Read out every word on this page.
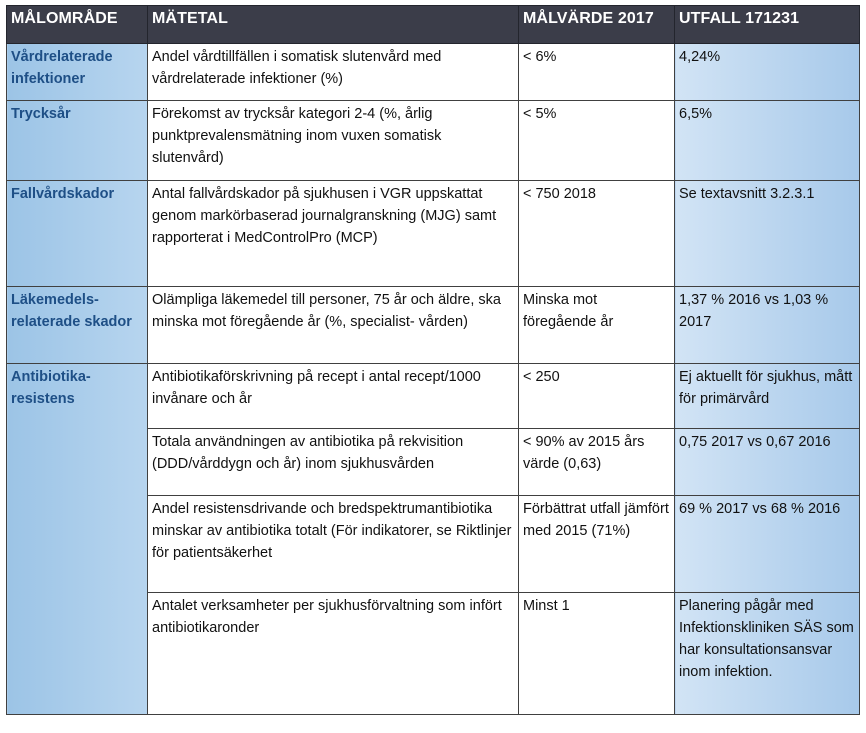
MÅLOMRÅDE	MÄTETAL	MÅLVÄRDE 2017	UTFALL 171231
Vårdrelaterade infektioner	Andel vårdtillfällen i somatisk slutenvård med vårdrelaterade infektioner (%)	< 6%	4,24%
Trycksår	Förekomst av trycksår kategori 2-4 (%, årlig punktprevalensmätning inom vuxen somatisk slutenvård)	< 5%	6,5%
Fallvårdskador	Antal fallvårdskador på sjukhusen i VGR uppskattat genom markörbaserad journalgranskning (MJG) samt rapporterat i MedControlPro (MCP)	< 750 2018	Se textavsnitt 3.2.3.1
Läkemedels-relaterade skador	Olämpliga läkemedel till personer, 75 år och äldre, ska minska mot föregående år (%, specialist- vården)	Minska mot föregående år	1,37 % 2016 vs 1,03 % 2017
Antibiotika-resistens	Antibiotikaförskrivning på recept i antal recept/1000 invånare och år	< 250	Ej aktuellt för sjukhus, mått för primärvård
	Totala användningen av antibiotika på rekvisition (DDD/vårddygn och år) inom sjukhusvården	< 90% av 2015 års värde (0,63)	0,75 2017 vs 0,67 2016
	Andel resistensdrivande och bredspektrumantibiotika minskar av antibiotika totalt (För indikatorer, se Riktlinjer för patientsäkerhet	Förbättrat utfall jämfört med 2015 (71%)	69 % 2017 vs 68 % 2016
	Antalet verksamheter per sjukhusförvaltning som infört antibiotikaronder	Minst 1	Planering pågår med Infektionskliniken SÄS som har konsultationsansvar inom infektion.
